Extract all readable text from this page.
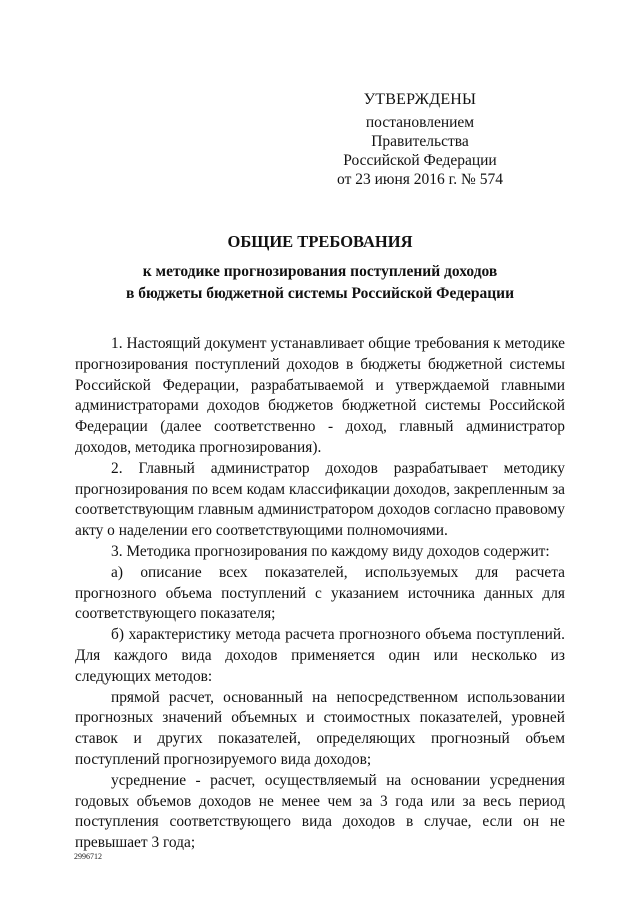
УТВЕРЖДЕНЫ
постановлением Правительства
Российской Федерации
от 23 июня 2016 г. № 574
ОБЩИЕ ТРЕБОВАНИЯ
к методике прогнозирования поступлений доходов
в бюджеты бюджетной системы Российской Федерации

1. Настоящий документ устанавливает общие требования к методике прогнозирования поступлений доходов в бюджеты бюджетной системы Российской Федерации, разрабатываемой и утверждаемой главными администраторами доходов бюджетов бюджетной системы Российской Федерации (далее соответственно - доход, главный администратор доходов, методика прогнозирования).

2. Главный администратор доходов разрабатывает методику прогнозирования по всем кодам классификации доходов, закрепленным за соответствующим главным администратором доходов согласно правовому акту о наделении его соответствующими полномочиями.

3. Методика прогнозирования по каждому виду доходов содержит:

а) описание всех показателей, используемых для расчета прогнозного объема поступлений с указанием источника данных для соответствующего показателя;

б) характеристику метода расчета прогнозного объема поступлений. Для каждого вида доходов применяется один или несколько из следующих методов:

прямой расчет, основанный на непосредственном использовании прогнозных значений объемных и стоимостных показателей, уровней ставок и других показателей, определяющих прогнозный объем поступлений прогнозируемого вида доходов;

усреднение - расчет, осуществляемый на основании усреднения годовых объемов доходов не менее чем за 3 года или за весь период поступления соответствующего вида доходов в случае, если он не превышает 3 года;

2996712
